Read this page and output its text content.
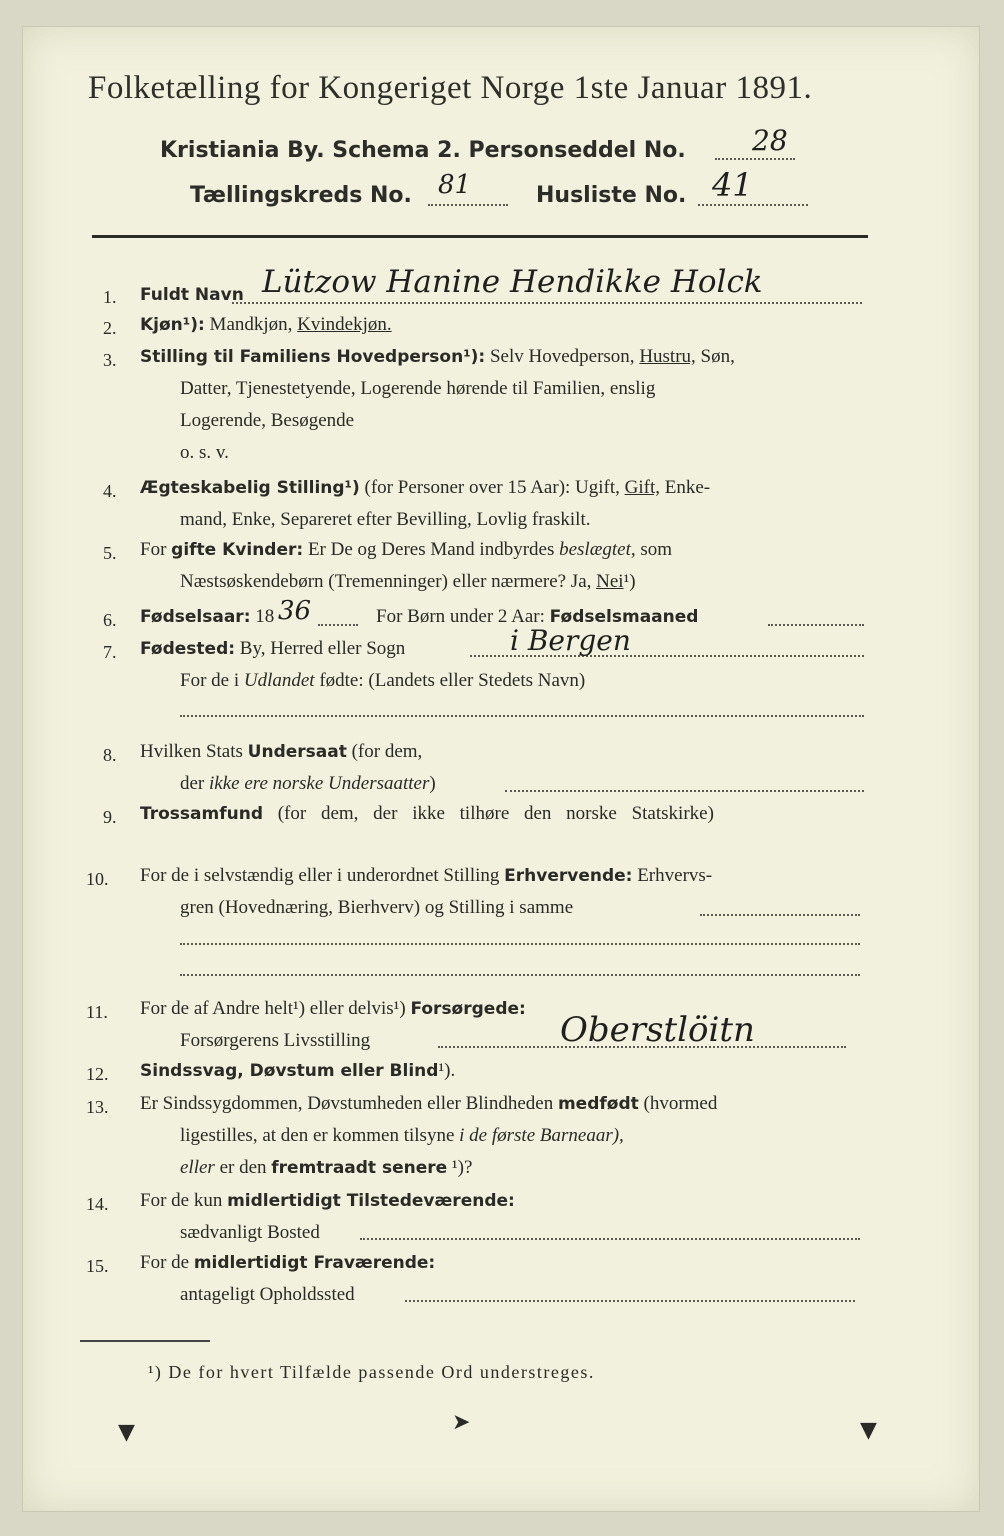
Folketælling for Kongeriget Norge 1ste Januar 1891.
Kristiania By. Schema 2. Personseddel No. 28
Tællingskreds No. 81	Husliste No. 41
1. Fuldt Navn Lützow Hanine Hendikke Holck
2. Kjøn¹): Mandkjøn, Kvindekjøn.
3. Stilling til Familiens Hovedperson¹): Selv Hovedperson, Hustru, Søn,
Datter, Tjenestetyende, Logerende hørende til Familien, enslig
Logerende, Besøgende
o. s. v.
4. Ægteskabelig Stilling¹) (for Personer over 15 Aar): Ugift, Gift, Enke-
mand, Enke, Separeret efter Bevilling, Lovlig fraskilt.
5. For gifte Kvinder: Er De og Deres Mand indbyrdes beslægtet, som
Næstsøskendebørn (Tremenninger) eller nærmere? Ja, Nei¹)
6. Fødselsaar: 18 36	For Børn under 2 Aar: Fødselsmaaned
7. Fødested: By, Herred eller Sogn	i Bergen
For de i Udlandet fødte: (Landets eller Stedets Navn)
8. Hvilken Stats Undersaat (for dem,
der ikke ere norske Undersaatter)
9. Trossamfund (for dem, der ikke tilhøre den norske Statskirke)
10. For de i selvstændig eller i underordnet Stilling Erhvervende: Erhvervs-
gren (Hovednæring, Bierhverv) og Stilling i samme
11. For de af Andre helt¹) eller delvis¹) Forsørgede:
Forsørgerens Livsstilling	Oberstlöitn
12. Sindssvag, Døvstum eller Blind¹).
13. Er Sindssygdommen, Døvstumheden eller Blindheden medfødt (hvormed
ligestilles, at den er kommen tilsyne i de første Barneaar),
eller er den fremtraadt senere ¹)?
14. For de kun midlertidigt Tilstedeværende:
sædvanligt Bosted
15. For de midlertidigt Fraværende:
antageligt Opholdssted
¹) De for hvert Tilfælde passende Ord understreges.
▼	➤	▼
